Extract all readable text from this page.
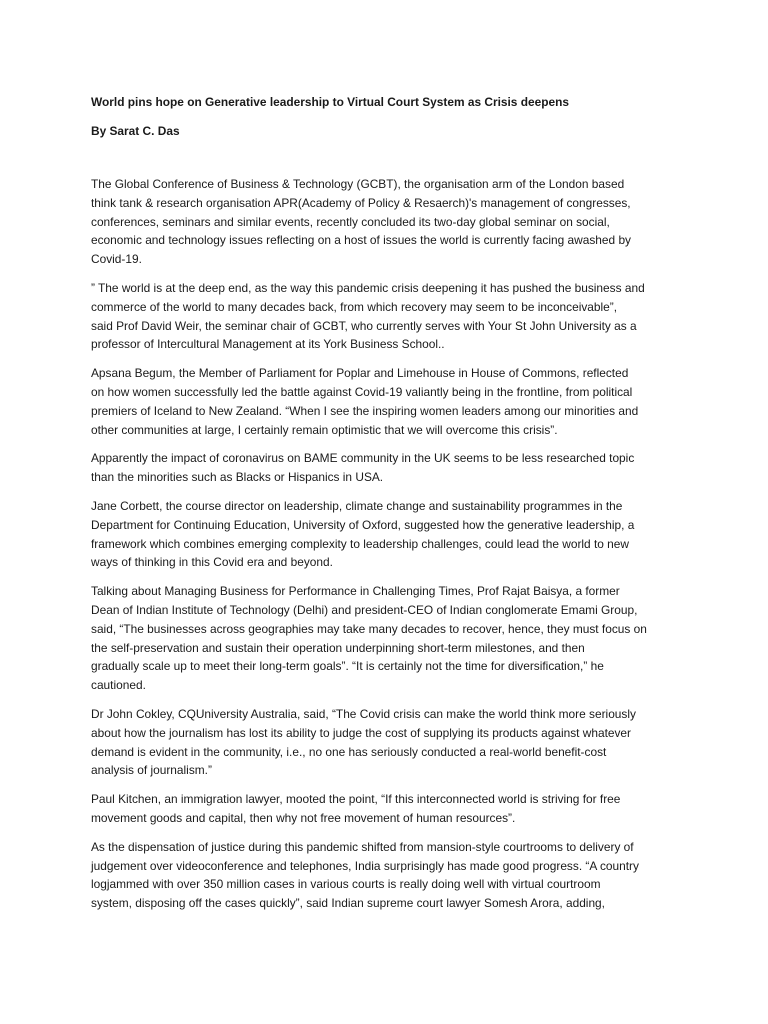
World pins hope on Generative leadership to Virtual Court System as Crisis deepens

By Sarat C. Das

The Global Conference of Business & Technology (GCBT), the organisation arm of the London based
think tank & research organisation APR(Academy of Policy & Resaerch)'s management of congresses,
conferences, seminars and similar events, recently concluded its two-day global seminar on social,
economic and technology issues reflecting on a host of issues the world is currently facing awashed by
Covid-19.

” The world is at the deep end, as the way this pandemic crisis deepening it has pushed the business and
commerce of the world to many decades back, from which recovery may seem to be inconceivable”,
said Prof David Weir, the seminar chair of GCBT, who currently serves with Your St John University as a
professor of Intercultural Management at its York Business School..

Apsana Begum, the Member of Parliament for Poplar and Limehouse in House of Commons, reflected
on how women successfully led the battle against Covid-19 valiantly being in the frontline, from political
premiers of Iceland to New Zealand. “When I see the inspiring women leaders among our minorities and
other communities at large, I certainly remain optimistic that we will overcome this crisis”.

Apparently the impact of coronavirus on BAME community in the UK seems to be less researched topic
than the minorities such as Blacks or Hispanics in USA.

Jane Corbett, the course director on leadership, climate change and sustainability programmes in the
Department for Continuing Education, University of Oxford, suggested how the generative leadership, a
framework which combines emerging complexity to leadership challenges, could lead the world to new
ways of thinking in this Covid era and beyond.

Talking about Managing Business for Performance in Challenging Times, Prof Rajat Baisya, a former
Dean of Indian Institute of Technology (Delhi) and president-CEO of Indian conglomerate Emami Group,
said, “The businesses across geographies may take many decades to recover, hence, they must focus on
the self-preservation and sustain their operation underpinning short-term milestones, and then
gradually scale up to meet their long-term goals”. “It is certainly not the time for diversification,” he
cautioned.

Dr John Cokley, CQUniversity Australia, said, “The Covid crisis can make the world think more seriously
about how the journalism has lost its ability to judge the cost of supplying its products against whatever
demand is evident in the community, i.e., no one has seriously conducted a real-world benefit-cost
analysis of journalism.”

Paul Kitchen, an immigration lawyer, mooted the point, “If this interconnected world is striving for free
movement goods and capital, then why not free movement of human resources”.

As the dispensation of justice during this pandemic shifted from mansion-style courtrooms to delivery of
judgement over videoconference and telephones, India surprisingly has made good progress. “A country
logjammed with over 350 million cases in various courts is really doing well with virtual courtroom
system, disposing off the cases quickly”, said Indian supreme court lawyer Somesh Arora, adding,
